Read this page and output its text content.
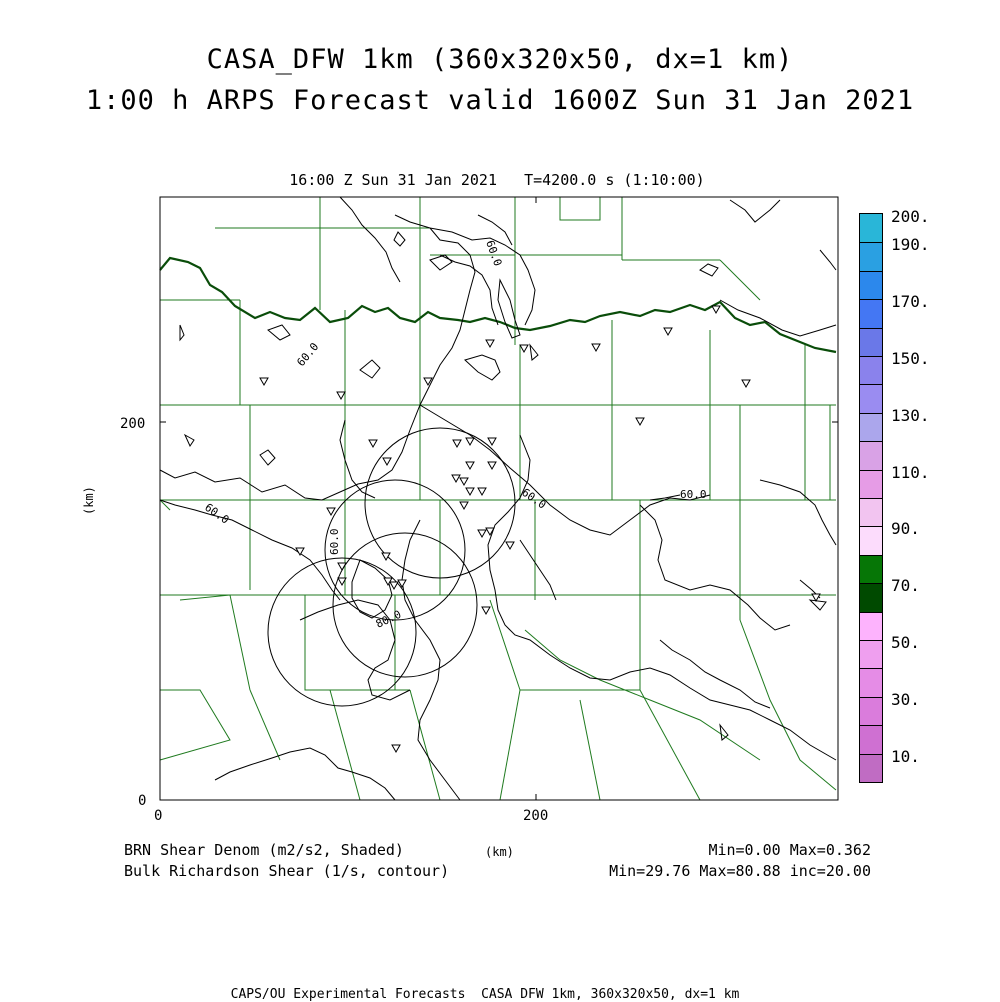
CASA_DFW 1km (360x320x50, dx=1 km)
1:00 h ARPS Forecast valid 1600Z Sun 31 Jan 2021
16:00 Z Sun 31 Jan 2021   T=4200.0 s (1:10:00)
60.0
60.0
60.0
60.0
60.0	60.0
80.0
0	200
0
200
(km)
200.
190.
170.
150.
130.
110.
90.
70.
50.
30.
10.
BRN Shear Denom (m2/s2, Shaded)	(km)	Min=0.00 Max=0.362
Bulk Richardson Shear (1/s, contour)	Min=29.76 Max=80.88 inc=20.00
CAPS/OU Experimental Forecasts  CASA DFW 1km, 360x320x50, dx=1 km
